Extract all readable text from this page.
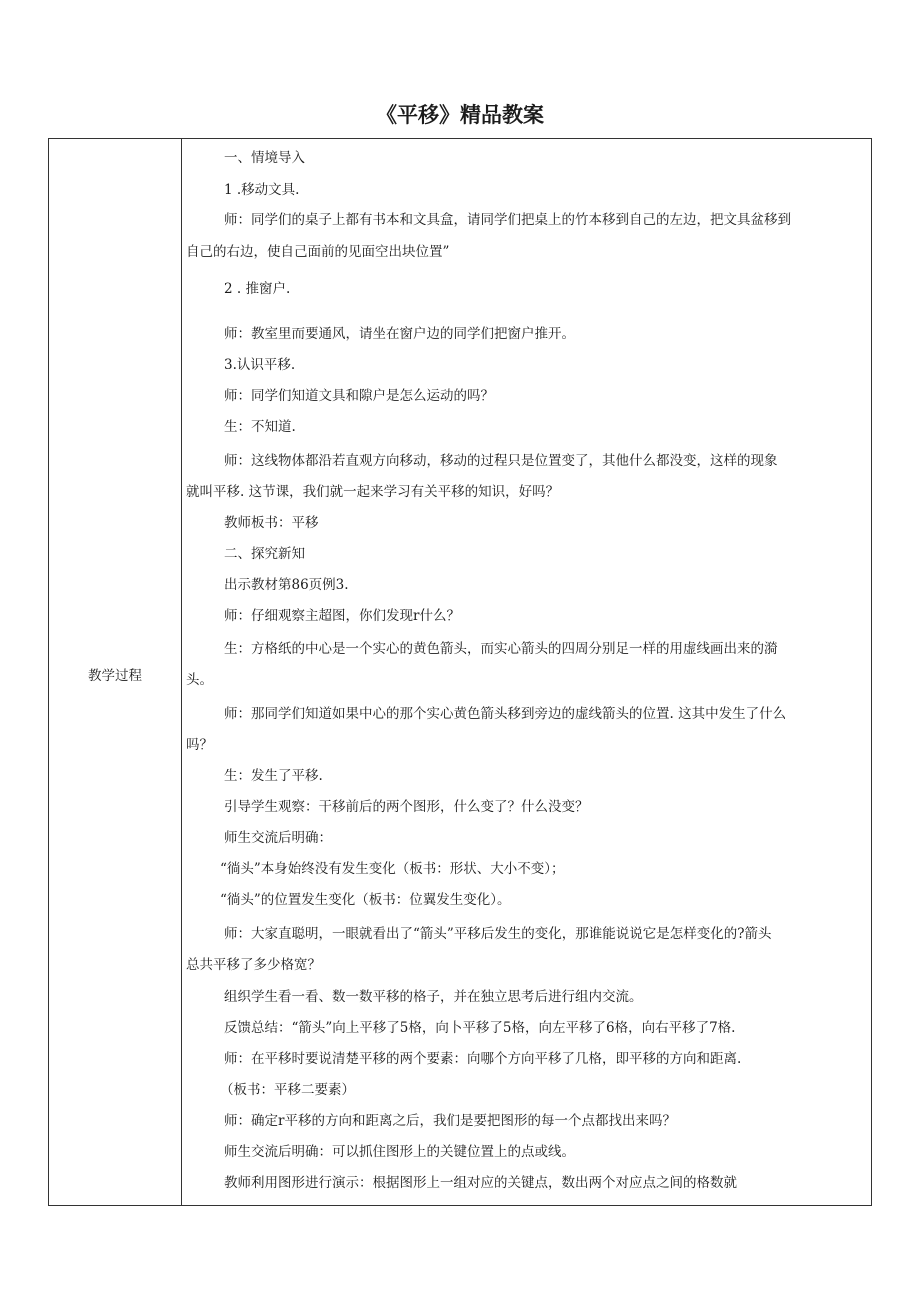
《平移》精品教案
教学过程
一、情境导入
1 .移动文具.
师：同学们的桌子上都有书本和文具盒，请同学们把桌上的竹本移到自己的左边，把文具盆移到
自己的右边，使自己面前的见面空出块位置”
2 . 推窗户.
师：教室里而要通风，请坐在窗户边的同学们把窗户推开。
3.认识平移.
师：同学们知道文具和隙户是怎么运动的吗？
生：不知道.
师：这线物体都沿若直观方向移动，移动的过程只是位置变了，其他什么都没变，这样的现象
就叫平移. 这节课，我们就一起来学习有关平移的知识，好吗？
教师板书：平移
二、探究新知
出示教材第86页例3.
师：仔细观察主超图，你们发现r什么？
生：方格纸的中心是一个实心的黄色箭头，而实心箭头的四周分别足一样的用虚线画出来的漪
头。
师：那同学们知道如果中心的那个实心黄色箭头移到旁边的虚线箭头的位置. 这其中发生了什么
吗？
生：发生了平移.
引导学生观察：干移前后的两个图形，什么变了？什么没变？
师生交流后明确：
“徜头”本身始终没有发生变化（板书：形状、大小不变）；
“徜头”的位置发生变化（板书：位翼发生变化）。
师：大家直聪明，一眼就看出了“箭头”平移后发生的变化，那谁能说说它是怎样变化的?箭头
总共平移了多少格宽？
组织学生看一看、数一数平移的格子，并在独立思考后进行组内交流。
反馈总结：“箭头”向上平移了5格，向卜平移了5格，向左平移了6格，向右平移了7格.
师：在平移时要说清楚平移的两个要素：向哪个方向平移了几格，即平移的方向和距离.
（板书：平移二要素）
师：确定r平移的方向和距离之后，我们是要把图形的每一个点都找出来吗？
师生交流后明确：可以抓住图形上的关键位置上的点或线。
教师利用图形进行演示：根据图形上一组对应的关键点，数出两个对应点之间的格数就
